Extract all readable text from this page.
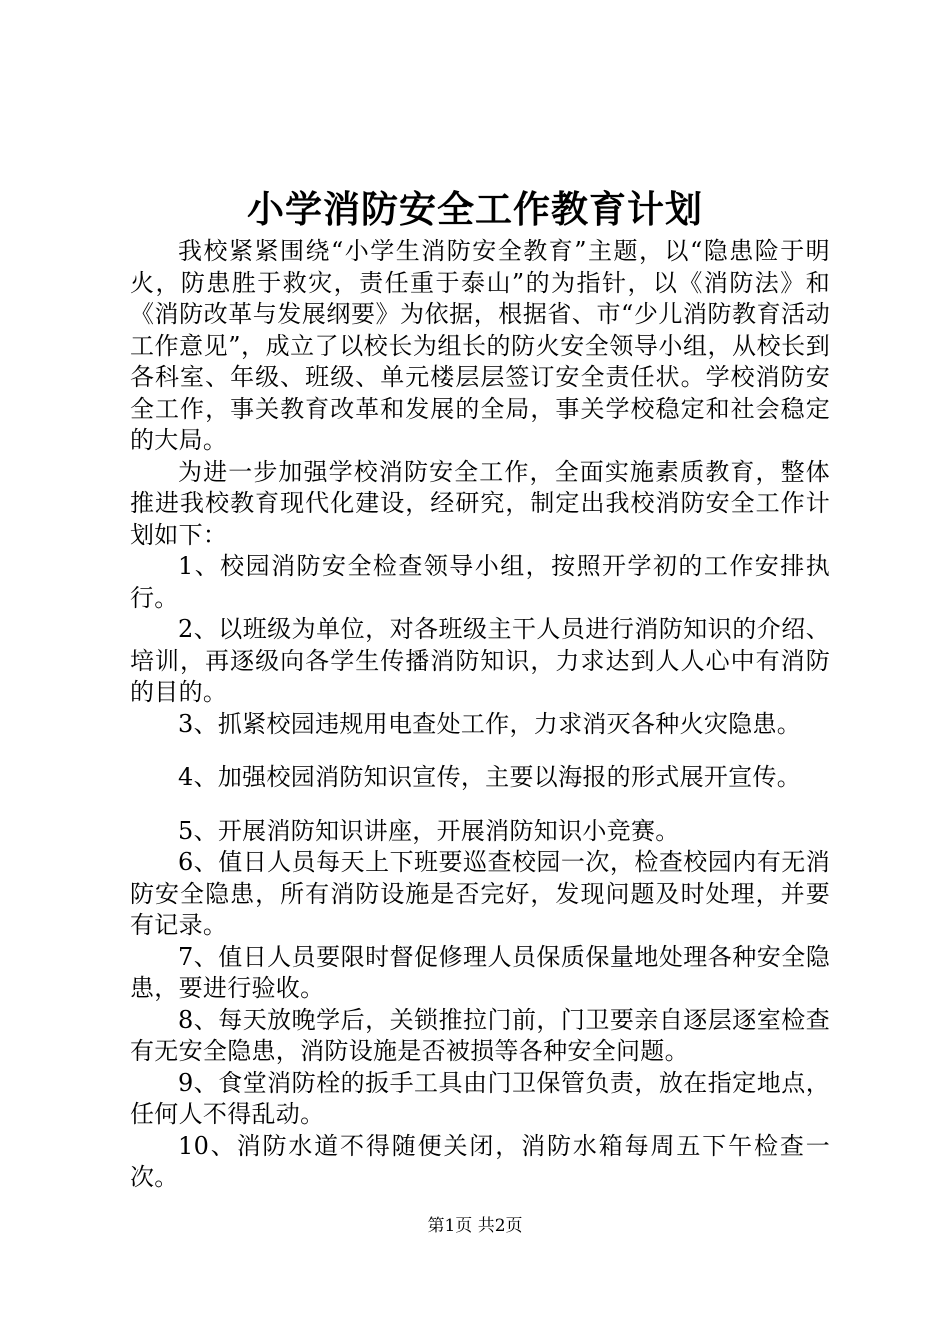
小学消防安全工作教育计划

我校紧紧围绕“小学生消防安全教育”主题，以“隐患险于明火，防患胜于救灾，责任重于泰山”的为指针，以《消防法》和《消防改革与发展纲要》为依据，根据省、市“少儿消防教育活动工作意见”，成立了以校长为组长的防火安全领导小组，从校长到各科室、年级、班级、单元楼层层签订安全责任状。学校消防安全工作，事关教育改革和发展的全局，事关学校稳定和社会稳定的大局。

为进一步加强学校消防安全工作，全面实施素质教育，整体推进我校教育现代化建设，经研究，制定出我校消防安全工作计划如下：

1、校园消防安全检查领导小组，按照开学初的工作安排执行。

2、以班级为单位，对各班级主干人员进行消防知识的介绍、培训，再逐级向各学生传播消防知识，力求达到人人心中有消防的目的。

3、抓紧校园违规用电查处工作，力求消灭各种火灾隐患。

4、加强校园消防知识宣传，主要以海报的形式展开宣传。

5、开展消防知识讲座，开展消防知识小竞赛。

6、值日人员每天上下班要巡查校园一次，检查校园内有无消防安全隐患，所有消防设施是否完好，发现问题及时处理，并要有记录。

7、值日人员要限时督促修理人员保质保量地处理各种安全隐患，要进行验收。

8、每天放晚学后，关锁推拉门前，门卫要亲自逐层逐室检查有无安全隐患，消防设施是否被损等各种安全问题。

9、食堂消防栓的扳手工具由门卫保管负责，放在指定地点，任何人不得乱动。

10、消防水道不得随便关闭，消防水箱每周五下午检查一次。

第1页 共2页
